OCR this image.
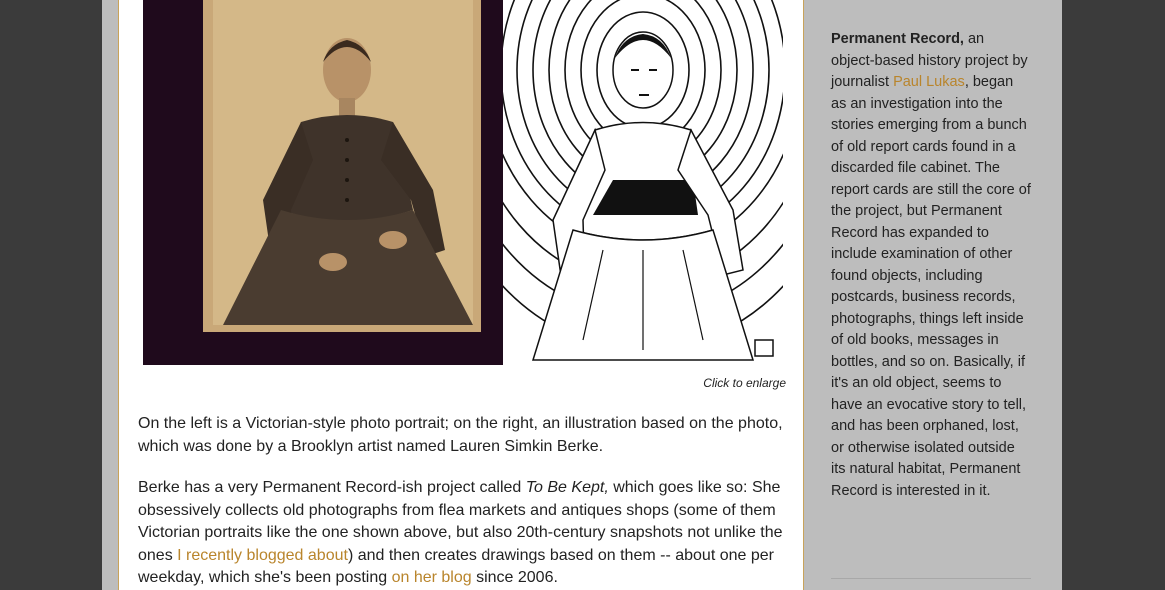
Click to enlarge

On the left is a Victorian-style photo portrait; on the right, an illustration based on the photo, which was done by a Brooklyn artist named Lauren Simkin Berke.

Berke has a very Permanent Record-ish project called To Be Kept, which goes like so: She obsessively collects old photographs from flea markets and antiques shops (some of them Victorian portraits like the one shown above, but also 20th-century snapshots not unlike the ones I recently blogged about) and then creates drawings based on them -- about one per weekday, which she's been posting on her blog since 2006.

Permanent Record, an object-based history project by journalist Paul Lukas, began as an investigation into the stories emerging from a bunch of old report cards found in a discarded file cabinet. The report cards are still the core of the project, but Permanent Record has expanded to include examination of other found objects, including postcards, business records, photographs, things left inside of old books, messages in bottles, and so on. Basically, if it's an old object, seems to have an evocative story to tell, and has been orphaned, lost, or otherwise isolated outside its natural habitat, Permanent Record is interested in it.
